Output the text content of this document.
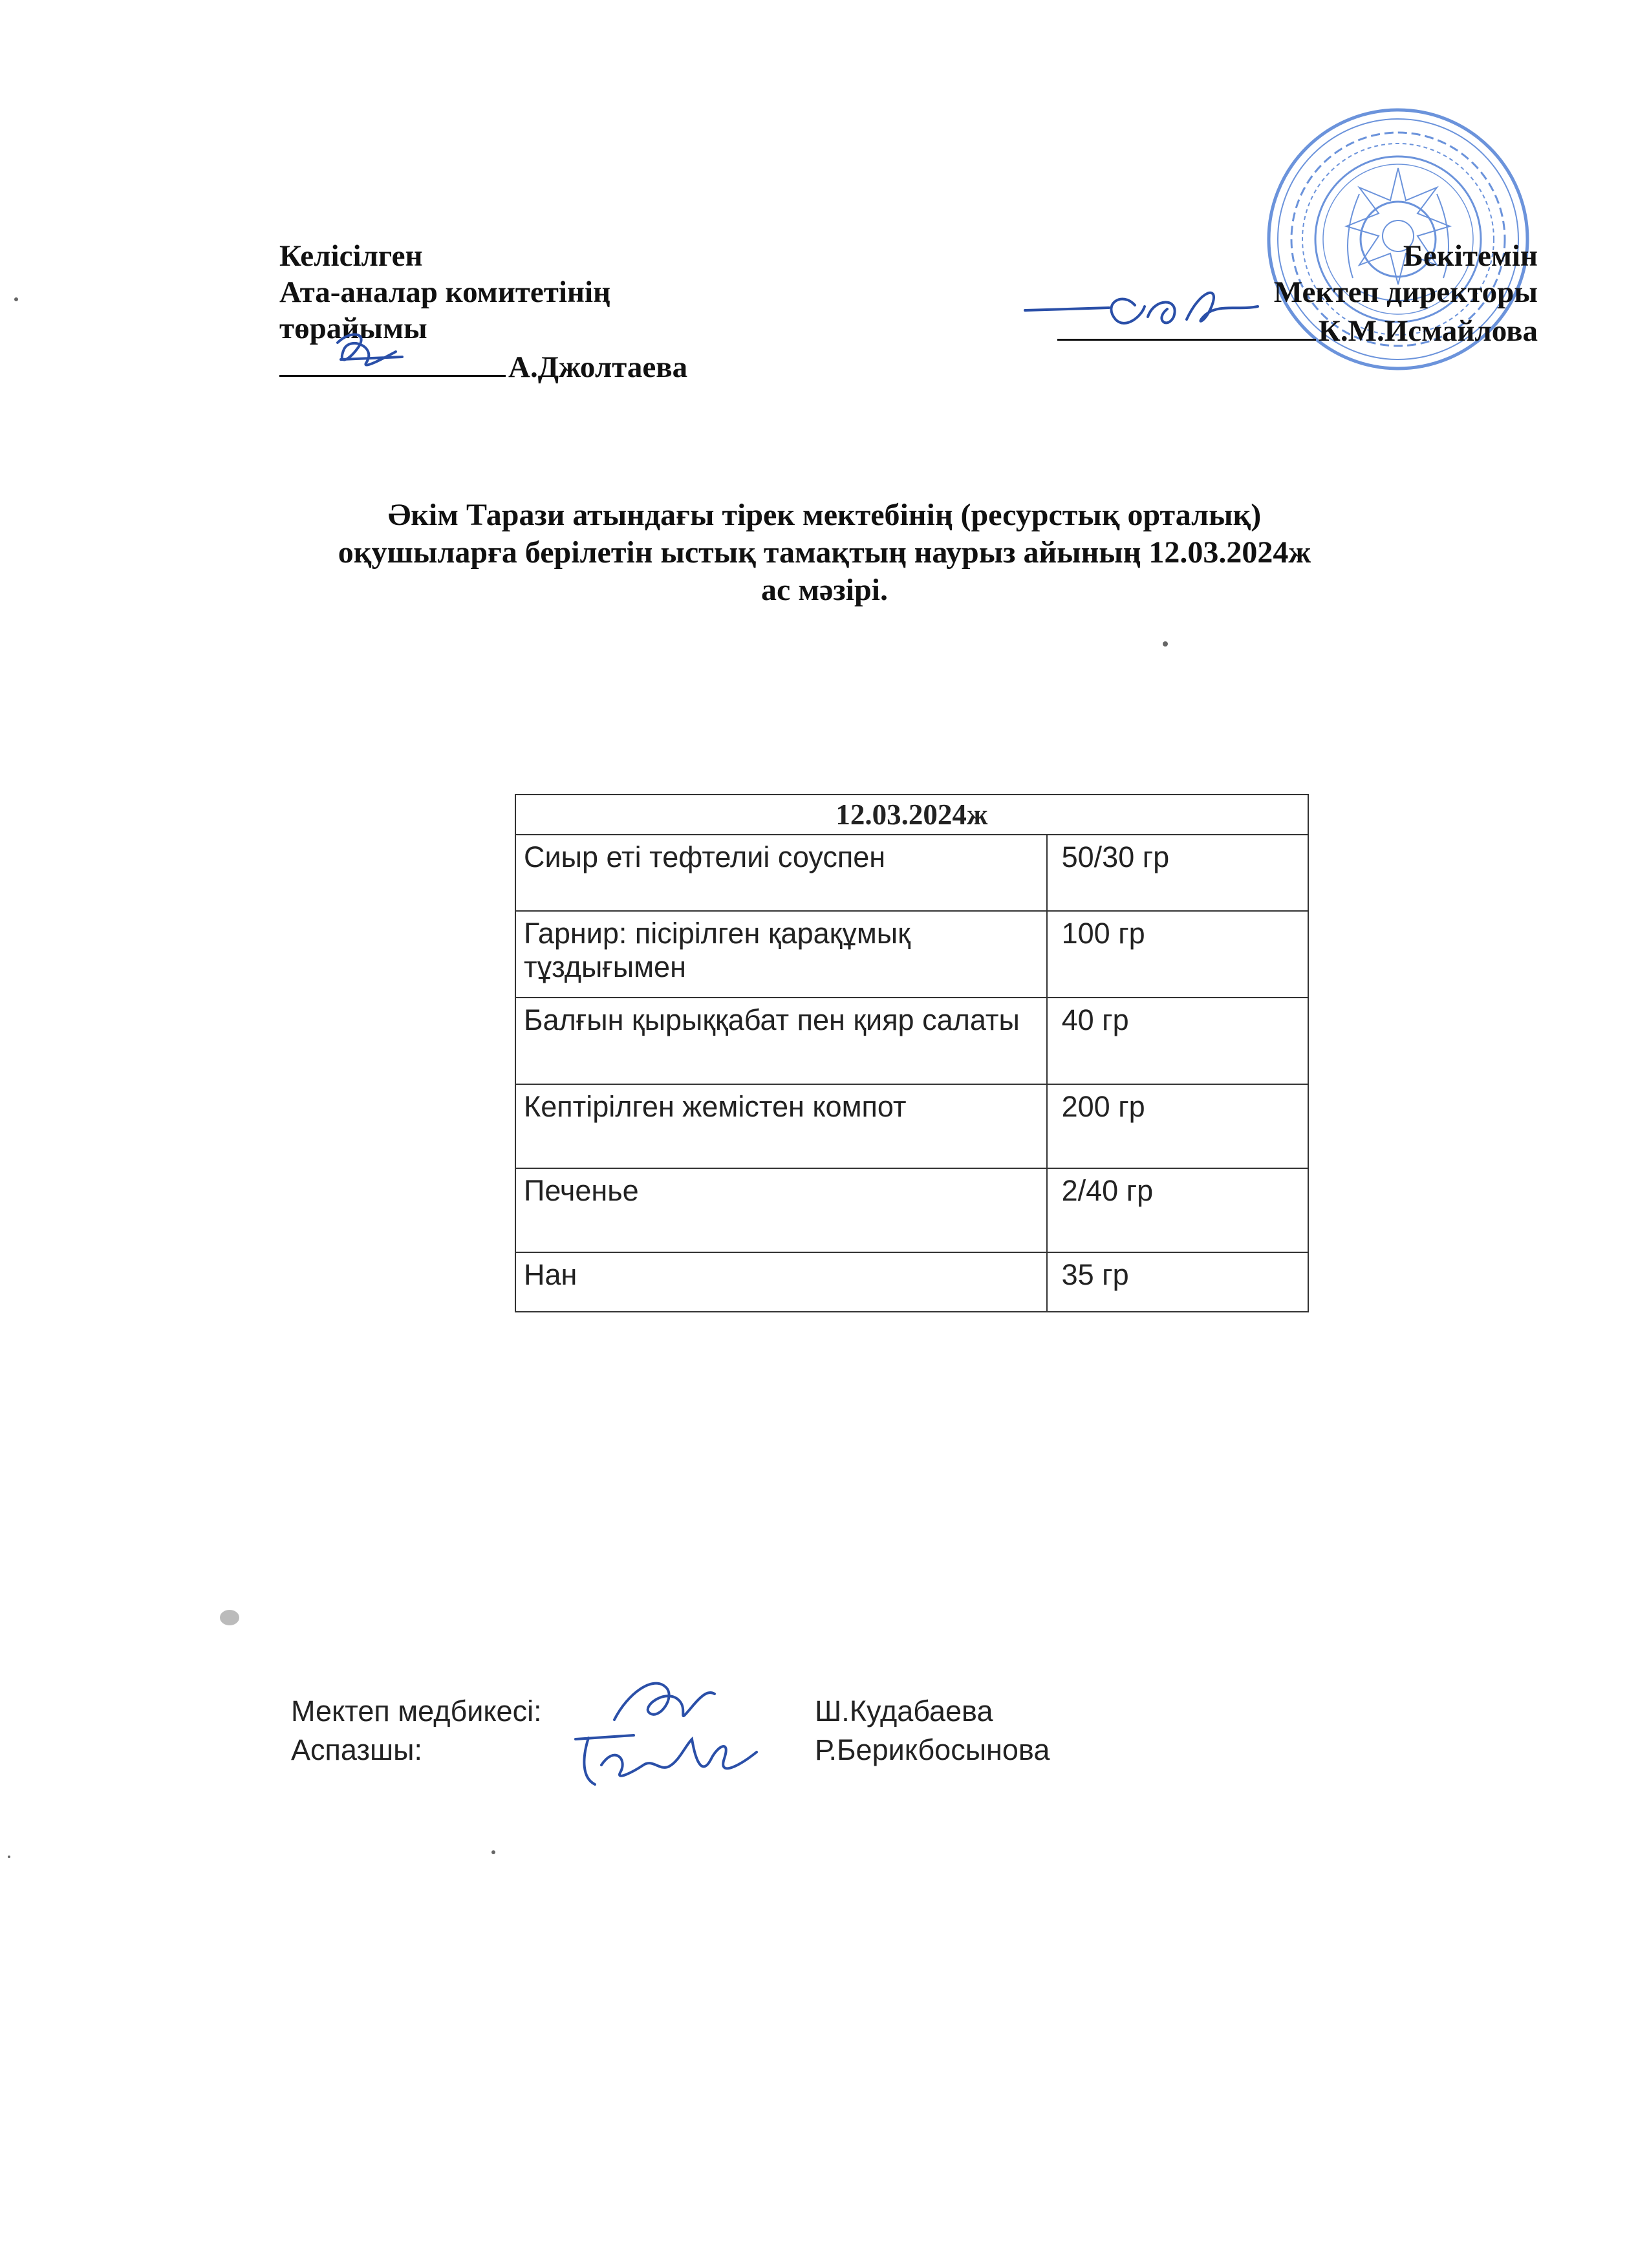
Келісілген
Ата-аналар комитетінің
төрайымы
А.Джолтаева
Бекітемін
Мектеп директоры
К.М.Исмайлова
Әкім Тарази атындағы тірек мектебінің (ресурстық орталық)
оқушыларға берілетін ыстық тамақтың наурыз айының 12.03.2024ж
ас мәзірі.
12.03.2024ж	
Сиыр еті тефтелиі соуспен	50/30 гр
Гарнир: пісірілген қарақұмық тұздығымен	100 гр
Балғын қырыққабат пен қияр салаты	40 гр
Кептірілген жемістен компот	200 гр
Печенье	2/40 гр
Нан	35 гр
Мектеп медбикесі:	Ш.Кудабаева
Аспазшы:	Р.Берикбосынова
